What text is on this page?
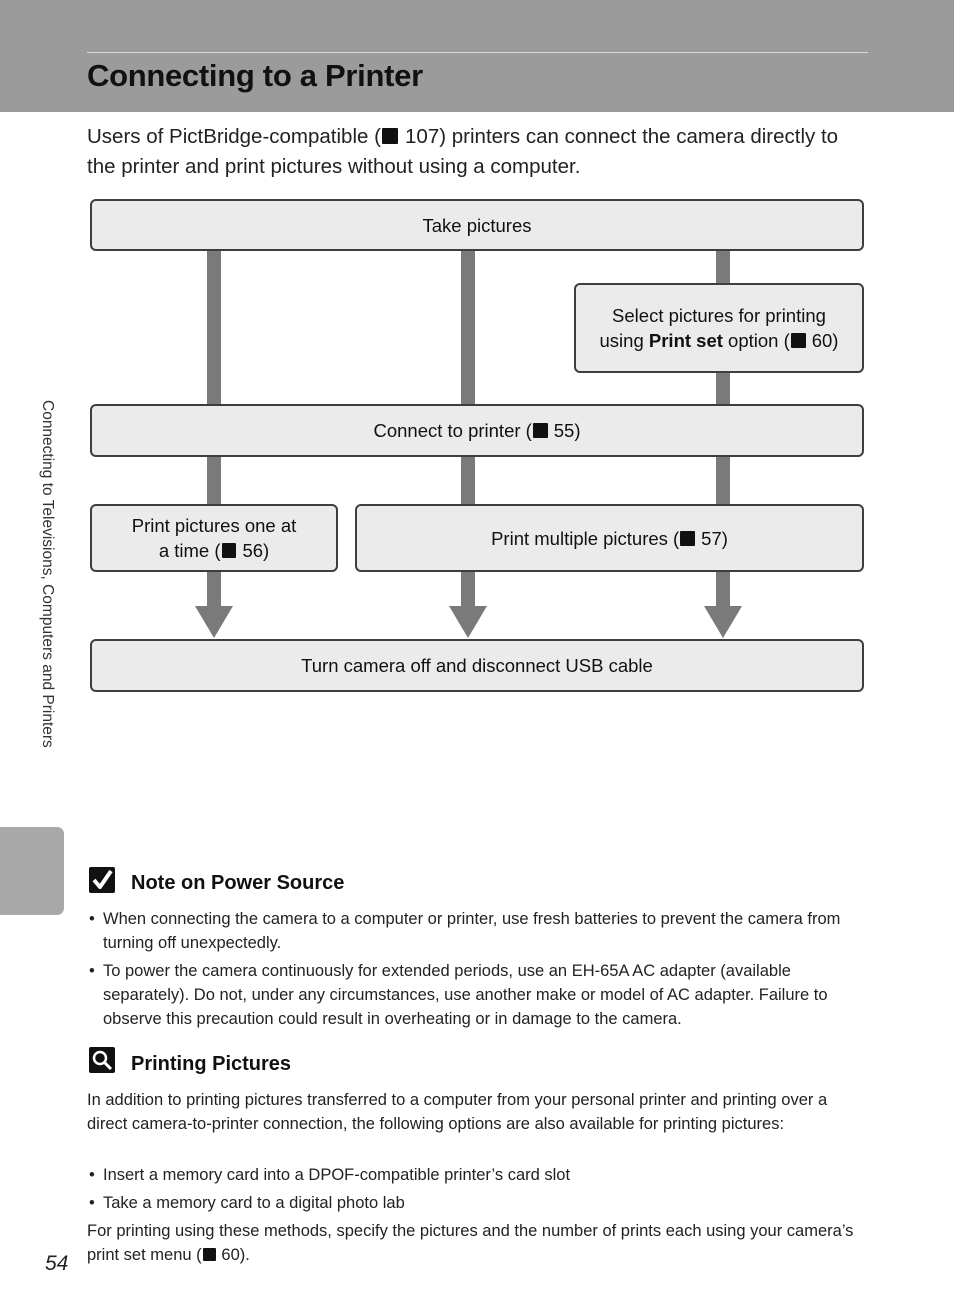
Connecting to a Printer
Users of PictBridge-compatible ( 107) printers can connect the camera directly to the printer and print pictures without using a computer.
Take pictures
Select pictures for printing
using Print set option ( 60)
Connect to printer ( 55)
Print pictures one at
a time ( 56)
Print multiple pictures ( 57)
Turn camera off and disconnect USB cable
Connecting to Televisions, Computers and Printers
Note on Power Source
• When connecting the camera to a computer or printer, use fresh batteries to prevent the camera from turning off unexpectedly.
• To power the camera continuously for extended periods, use an EH-65A AC adapter (available separately). Do not, under any circumstances, use another make or model of AC adapter. Failure to observe this precaution could result in overheating or in damage to the camera.
Printing Pictures
In addition to printing pictures transferred to a computer from your personal printer and printing over a direct camera-to-printer connection, the following options are also available for printing pictures:
• Insert a memory card into a DPOF-compatible printer’s card slot
• Take a memory card to a digital photo lab
For printing using these methods, specify the pictures and the number of prints each using your camera’s print set menu ( 60).
54
